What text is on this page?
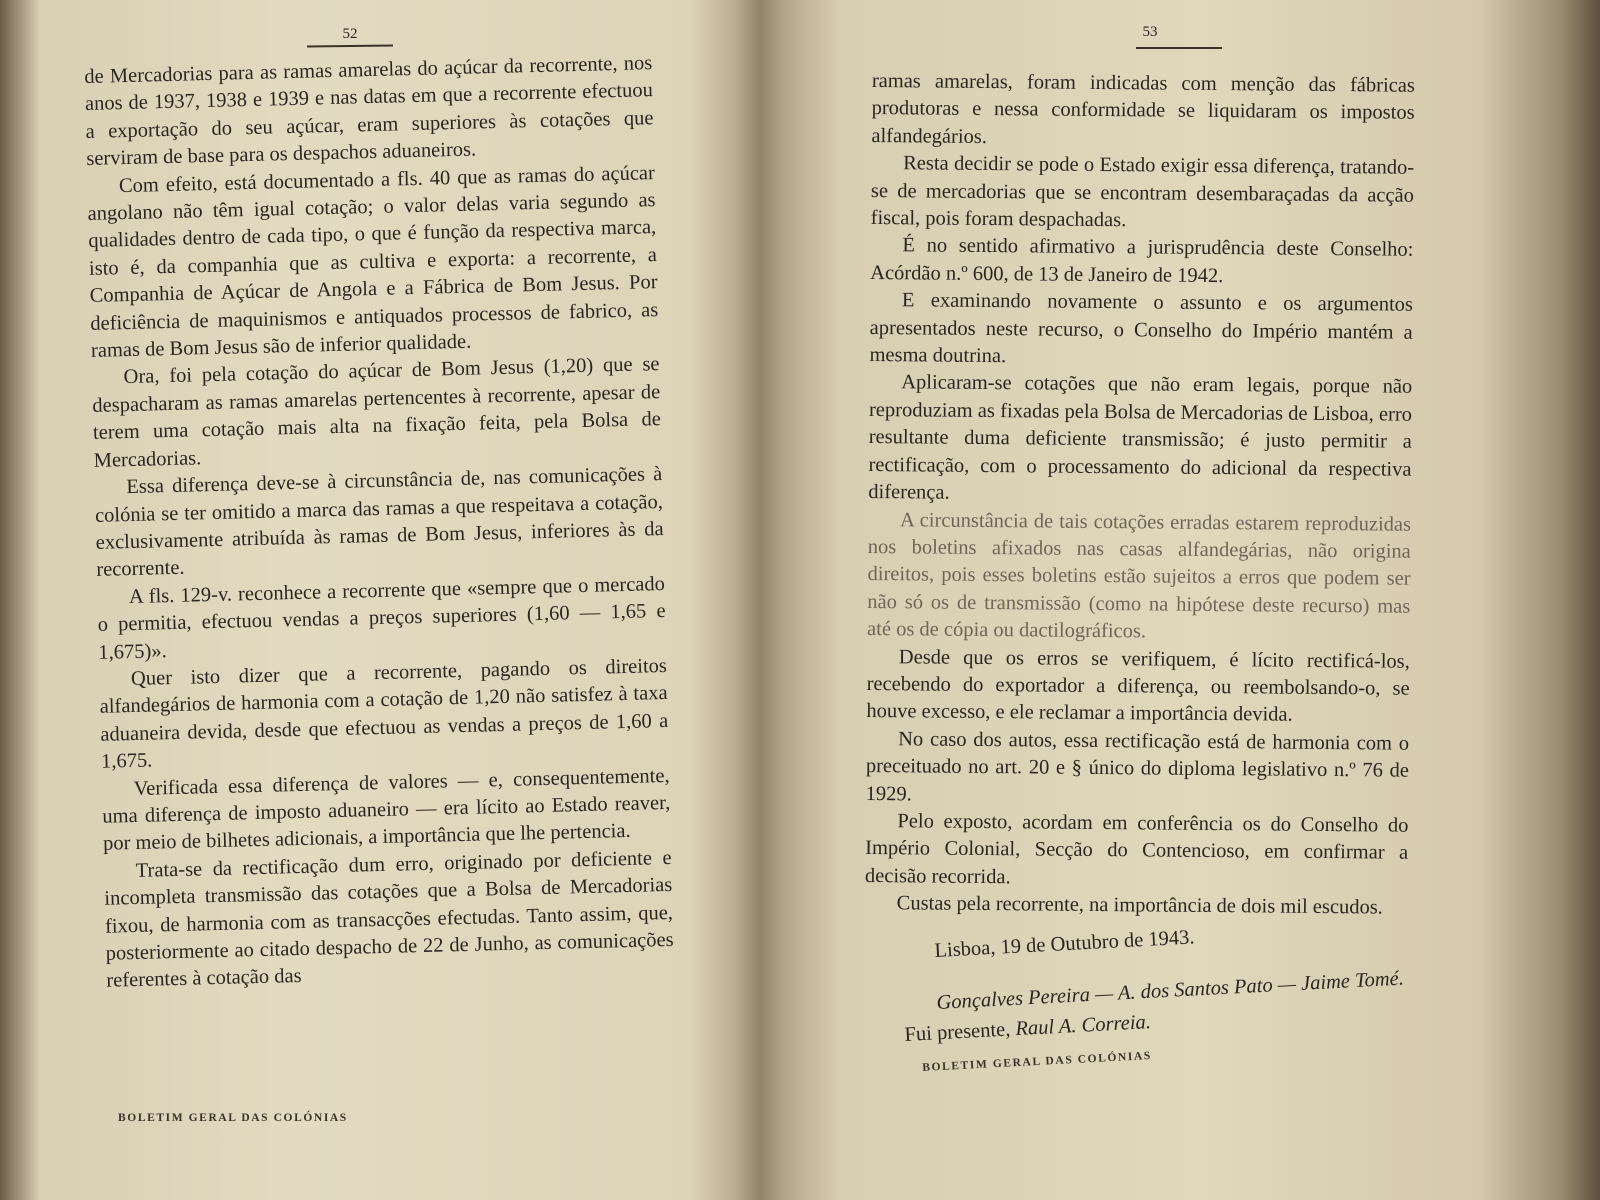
52	53

de Mercadorias para as ramas amarelas do açúcar da recorrente, nos anos de 1937, 1938 e 1939 e nas datas em que a recorrente efectuou a exportação do seu açúcar, eram superiores às cotações que serviram de base para os despachos aduaneiros.

Com efeito, está documentado a fls. 40 que as ramas do açúcar angolano não têm igual cotação; o valor delas varia segundo as qualidades dentro de cada tipo, o que é função da respectiva marca, isto é, da companhia que as cultiva e exporta: a recorrente, a Companhia de Açúcar de Angola e a Fábrica de Bom Jesus. Por deficiência de maquinismos e antiquados processos de fabrico, as ramas de Bom Jesus são de inferior qualidade.

Ora, foi pela cotação do açúcar de Bom Jesus (1,20) que se despacharam as ramas amarelas pertencentes à recorrente, apesar de terem uma cotação mais alta na fixação feita, pela Bolsa de Mercadorias.

Essa diferença deve-se à circunstância de, nas comunicações à colónia se ter omitido a marca das ramas a que respeitava a cotação, exclusivamente atribuída às ramas de Bom Jesus, inferiores às da recorrente.

A fls. 129-v. reconhece a recorrente que «sempre que o mercado o permitia, efectuou vendas a preços superiores (1,60 — 1,65 e 1,675)».

Quer isto dizer que a recorrente, pagando os direitos alfandegários de harmonia com a cotação de 1,20 não satisfez à taxa aduaneira devida, desde que efectuou as vendas a preços de 1,60 a 1,675.

Verificada essa diferença de valores — e, consequentemente, uma diferença de imposto aduaneiro — era lícito ao Estado reaver, por meio de bilhetes adicionais, a importância que lhe pertencia.

Trata-se da rectificação dum erro, originado por deficiente e incompleta transmissão das cotações que a Bolsa de Mercadorias fixou, de harmonia com as transacções efectudas. Tanto assim, que, posteriormente ao citado despacho de 22 de Junho, as comunicações referentes à cotação das

ramas amarelas, foram indicadas com menção das fábricas produtoras e nessa conformidade se liquidaram os impostos alfandegários.

Resta decidir se pode o Estado exigir essa diferença, tratando-se de mercadorias que se encontram desembaraçadas da acção fiscal, pois foram despachadas.

É no sentido afirmativo a jurisprudência deste Conselho: Acórdão n.º 600, de 13 de Janeiro de 1942.

E examinando novamente o assunto e os argumentos apresentados neste recurso, o Conselho do Império mantém a mesma doutrina.

Aplicaram-se cotações que não eram legais, porque não reproduziam as fixadas pela Bolsa de Mercadorias de Lisboa, erro resultante duma deficiente transmissão; é justo permitir a rectificação, com o processamento do adicional da respectiva diferença.

A circunstância de tais cotações erradas estarem reproduzidas nos boletins afixados nas casas alfandegárias, não origina direitos, pois esses boletins estão sujeitos a erros que podem ser não só os de transmissão (como na hipótese deste recurso) mas até os de cópia ou dactilográficos.

Desde que os erros se verifiquem, é lícito rectificá-los, recebendo do exportador a diferença, ou reembolsando-o, se houve excesso, e ele reclamar a importância devida.

No caso dos autos, essa rectificação está de harmonia com o preceituado no art. 20 e § único do diploma legislativo n.º 76 de 1929.

Pelo exposto, acordam em conferência os do Conselho do Império Colonial, Secção do Contencioso, em confirmar a decisão recorrida.

Custas pela recorrente, na importância de dois mil escudos.

Lisboa, 19 de Outubro de 1943.
Gonçalves Pereira — A. dos Santos Pato — Jaime Tomé.
Fui presente, Raul A. Correia.
BOLETIM GERAL DAS COLÓNIAS
BOLETIM GERAL DAS COLÓNIAS
